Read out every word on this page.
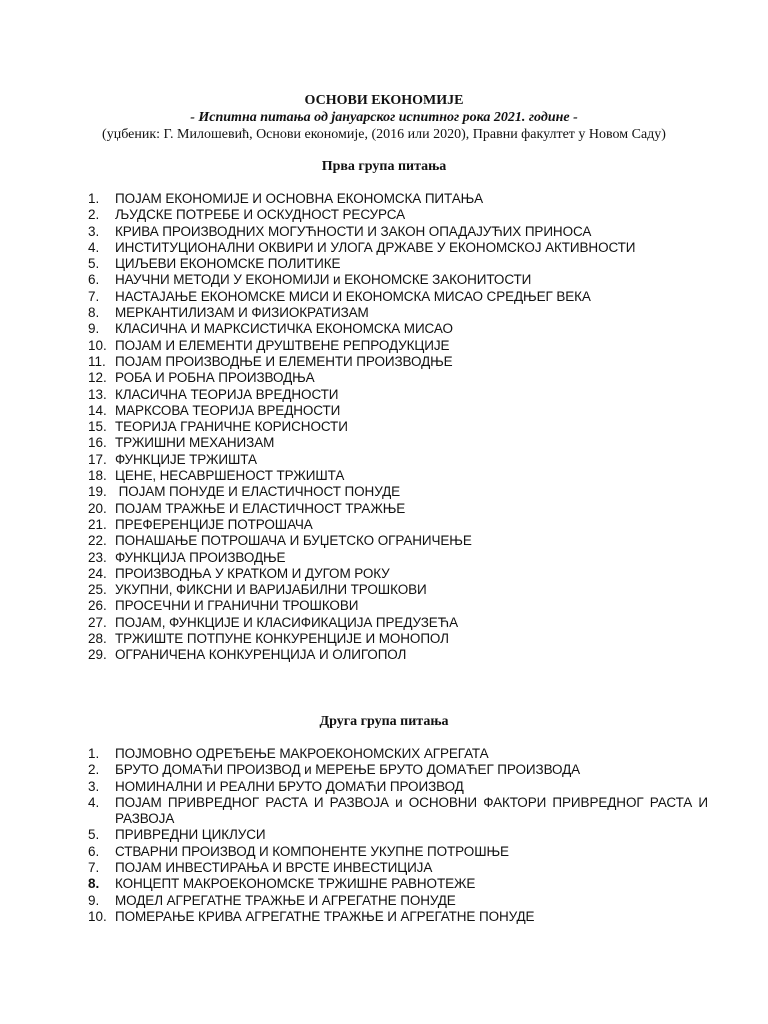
ОСНОВИ ЕКОНОМИЈЕ
- Испитна питања од јануарског испитног рока 2021. године -
(уџбеник: Г. Милошевић, Основи економије, (2016 или 2020), Правни факултет у Новом Саду)
Прва група питања
1.	ПОЈАМ ЕКОНОМИЈЕ И ОСНОВНА ЕКОНОМСКА ПИТАЊА
2.	ЉУДСКЕ ПОТРЕБЕ И ОСКУДНОСТ РЕСУРСА
3.	КРИВА ПРОИЗВОДНИХ МОГУЋНОСТИ И ЗАКОН ОПАДАЈУЋИХ ПРИНОСА
4.	ИНСТИТУЦИОНАЛНИ ОКВИРИ И УЛОГА ДРЖАВЕ У ЕКОНОМСКОЈ АКТИВНОСТИ
5.	ЦИЉЕВИ ЕКОНОМСКЕ ПОЛИТИКЕ
6.	НАУЧНИ МЕТОДИ У ЕКОНОМИЈИ и ЕКОНОМСКЕ ЗАКОНИТОСТИ
7.	НАСТАЈАЊЕ ЕКОНОМСКЕ МИСИ И ЕКОНОМСКА МИСАО СРЕДЊЕГ ВЕКА
8.	МЕРКАНТИЛИЗАМ И ФИЗИОКРАТИЗАМ
9.	КЛАСИЧНА И МАРКСИСТИЧКА ЕКОНОМСКА МИСАО
10. ПОЈАМ И ЕЛЕМЕНТИ ДРУШТВЕНЕ РЕПРОДУКЦИЈЕ
11. ПОЈАМ ПРОИЗВОДЊЕ И ЕЛЕМЕНТИ ПРОИЗВОДЊЕ
12. РОБА И РОБНА ПРОИЗВОДЊА
13. КЛАСИЧНА ТЕОРИЈА ВРЕДНОСТИ
14. МАРКСОВА ТЕОРИЈА ВРЕДНОСТИ
15. ТЕОРИЈА ГРАНИЧНЕ КОРИСНОСТИ
16. ТРЖИШНИ МЕХАНИЗАМ
17. ФУНКЦИЈЕ ТРЖИШТА
18. ЦЕНЕ, НЕСАВРШЕНОСТ ТРЖИШТА
19. ПОЈАМ ПОНУДЕ И ЕЛАСТИЧНОСТ ПОНУДЕ
20. ПОЈАМ ТРАЖЊЕ И ЕЛАСТИЧНОСТ ТРАЖЊЕ
21. ПРЕФЕРЕНЦИЈЕ ПОТРОШАЧА
22. ПОНАШАЊЕ ПОТРОШАЧА И БУЏЕТСКО ОГРАНИЧЕЊЕ
23. ФУНКЦИЈА ПРОИЗВОДЊЕ
24. ПРОИЗВОДЊА У КРАТКОМ И ДУГОМ РОКУ
25. УКУПНИ, ФИКСНИ И ВАРИЈАБИЛНИ ТРОШКОВИ
26. ПРОСЕЧНИ И ГРАНИЧНИ ТРОШКОВИ
27. ПОЈАМ, ФУНКЦИЈЕ И КЛАСИФИКАЦИЈА ПРЕДУЗЕЋА
28. ТРЖИШТЕ ПОТПУНЕ КОНКУРЕНЦИЈЕ И МОНОПОЛ
29. ОГРАНИЧЕНА КОНКУРЕНЦИЈА И ОЛИГОПОЛ
Друга група питања
1.	ПОЈМОВНО ОДРЕЂЕЊЕ МАКРОЕКОНОМСКИХ АГРЕГАТА
2.	БРУТО ДОМАЋИ ПРОИЗВОД и МЕРЕЊЕ БРУТО ДОМАЋЕГ ПРОИЗВОДА
3.	НОМИНАЛНИ И РЕАЛНИ БРУТО ДОМАЋИ ПРОИЗВОД
4.	ПОЈАМ ПРИВРЕДНОГ РАСТА И РАЗВОЈА и ОСНОВНИ ФАКТОРИ ПРИВРЕДНОГ РАСТА И РАЗВОЈА
5.	ПРИВРЕДНИ ЦИКЛУСИ
6.	СТВАРНИ ПРОИЗВОД И КОМПОНЕНТЕ УКУПНЕ ПОТРОШЊЕ
7.	ПОЈАМ ИНВЕСТИРАЊА И ВРСТЕ ИНВЕСТИЦИЈА
8.	КОНЦЕПТ МАКРОЕКОНОМСКЕ ТРЖИШНЕ РАВНОТЕЖЕ
9.	МОДЕЛ АГРЕГАТНЕ ТРАЖЊЕ И АГРЕГАТНЕ ПОНУДЕ
10. ПОМЕРАЊЕ КРИВА АГРЕГАТНЕ ТРАЖЊЕ И АГРЕГАТНЕ ПОНУДЕ
